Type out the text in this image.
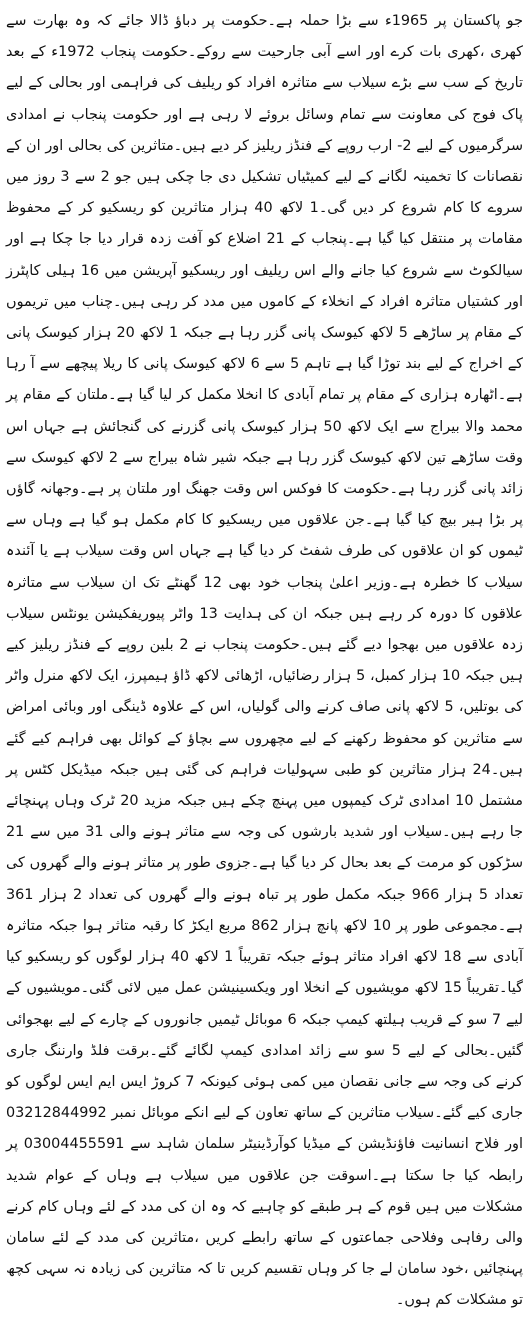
جو پاکستان پر 1965ء سے بڑا حملہ ہے۔حکومت پر دباؤ ڈالا جائے کہ وہ بھارت سے کھری ،کھری بات کرے اور اسے آبی جارحیت سے روکے۔حکومت پنجاب 1972ء کے بعد تاریخ کے سب سے بڑے سیلاب سے متاثرہ افراد کو ریلیف کی فراہمی اور بحالی کے لیے پاک فوج کی معاونت سے تمام وسائل بروئے لا رہی ہے اور حکومت پنجاب نے امدادی سرگرمیوں کے لیے 2- ارب روپے کے فنڈز ریلیز کر دیے ہیں۔متاثرین کی بحالی اور ان کے نقصانات کا تخمینہ لگانے کے لیے کمیٹیاں تشکیل دی جا چکی ہیں جو 2 سے 3 روز میں سروے کا کام شروع کر دیں گی۔1 لاکھ 40 ہزار متاثرین کو ریسکیو کر کے محفوظ مقامات پر منتقل کیا گیا ہے۔پنجاب کے 21 اضلاع کو آفت زدہ قرار دیا جا چکا ہے اور سیالکوٹ سے شروع کیا جانے والے اس ریلیف اور ریسکیو آپریشن میں 16 ہیلی کاپٹرز اور کشتیاں متاثرہ افراد کے انخلاء کے کاموں میں مدد کر رہی ہیں۔چناب میں تریموں کے مقام پر ساڑھے 5 لاکھ کیوسک پانی گزر رہا ہے جبکہ 1 لاکھ 20 ہزار کیوسک پانی کے اخراج کے لیے بند توڑا گیا ہے تاہم 5 سے 6 لاکھ کیوسک پانی کا ریلا پیچھے سے آ رہا ہے۔اٹھارہ ہزاری کے مقام پر تمام آبادی کا انخلا مکمل کر لیا گیا ہے۔ملتان کے مقام پر محمد والا بیراج سے ایک لاکھ 50 ہزار کیوسک پانی گزرنے کی گنجائش ہے جہاں اس وقت ساڑھے تین لاکھ کیوسک گزر رہا ہے جبکہ شیر شاہ بیراج سے 2 لاکھ کیوسک سے زائد پانی گزر رہا ہے۔حکومت کا فوکس اس وقت جھنگ اور ملتان پر ہے۔وجھانہ گاؤں پر بڑا ہیر بیچ کیا گیا ہے۔جن علاقوں میں ریسکیو کا کام مکمل ہو گیا ہے وہاں سے ٹیموں کو ان علاقوں کی طرف شفٹ کر دیا گیا ہے جہاں اس وقت سیلاب ہے یا آئندہ سیلاب کا خطرہ ہے۔وزیر اعلیٰ پنجاب خود بھی 12 گھنٹے تک ان سیلاب سے متاثرہ علاقوں کا دورہ کر رہے ہیں جبکہ ان کی ہدایت 13 واٹر پیوریفکیشن یونٹس سیلاب زدہ علاقوں میں بھجوا دیے گئے ہیں۔حکومت پنجاب نے 2 بلین روپے کے فنڈز ریلیز کیے ہیں جبکہ 10 ہزار کمبل، 5 ہزار رضائیاں، اڑھائی لاکھ ڈاؤ ہیمپرز، ایک لاکھ منرل واٹر کی بوتلیں، 5 لاکھ پانی صاف کرنے والی گولیاں، اس کے علاوہ ڈینگی اور وبائی امراض سے متاثرین کو محفوظ رکھنے کے لیے مچھروں سے بچاؤ کے کوائل بھی فراہم کیے گئے ہیں۔24 ہزار متاثرین کو طبی سہولیات فراہم کی گئی ہیں جبکہ میڈیکل کٹس پر مشتمل 10 امدادی ٹرک کیمپوں میں پہنچ چکے ہیں جبکہ مزید 20 ٹرک وہاں پہنچائے جا رہے ہیں۔سیلاب اور شدید بارشوں کی وجہ سے متاثر ہونے والی 31 میں سے 21 سڑکوں کو مرمت کے بعد بحال کر دیا گیا ہے۔جزوی طور پر متاثر ہونے والے گھروں کی تعداد 5 ہزار 966 جبکہ مکمل طور پر تباہ ہونے والے گھروں کی تعداد 2 ہزار 361 ہے۔مجموعی طور پر 10 لاکھ پانچ ہزار 862 مربع ایکڑ کا رقبہ متاثر ہوا جبکہ متاثرہ آبادی سے 18 لاکھ افراد متاثر ہوئے جبکہ تقریباً 1 لاکھ 40 ہزار لوگوں کو ریسکیو کیا گیا۔تقریباً 15 لاکھ مویشیوں کے انخلا اور ویکسینیشن عمل میں لائی گئی۔مویشیوں کے لیے 7 سو کے قریب ہیلتھ کیمپ جبکہ 6 موبائل ٹیمیں جانوروں کے چارے کے لیے بھجوائی گئیں۔بحالی کے لیے 5 سو سے زائد امدادی کیمپ لگائے گئے۔برقت فلڈ وارننگ جاری کرنے کی وجہ سے جانی نقصان میں کمی ہوئی کیونکہ 7 کروڑ ایس ایم ایس لوگوں کو جاری کیے گئے۔سیلاب متاثرین کے ساتھ تعاون کے لیے انکے موبائل نمبر 03212844992 اور فلاح انسانیت فاؤنڈیشن کے میڈیا کوآرڈینیٹر سلمان شاہد سے 03004455591 پر رابطہ کیا جا سکتا ہے۔اسوقت جن علاقوں میں سیلاب ہے وہاں کے عوام شدید مشکلات میں ہیں قوم کے ہر طبقے کو چاہیے کہ وہ ان کی مدد کے لئے وہاں کام کرنے والی رفاہی وفلاحی جماعتوں کے ساتھ رابطے کریں ،متاثرین کی مدد کے لئے سامان پہنچائیں ،خود سامان لے جا کر وہاں تقسیم کریں تا کہ متاثرین کی زیادہ نہ سہی کچھ تو مشکلات کم ہوں۔
